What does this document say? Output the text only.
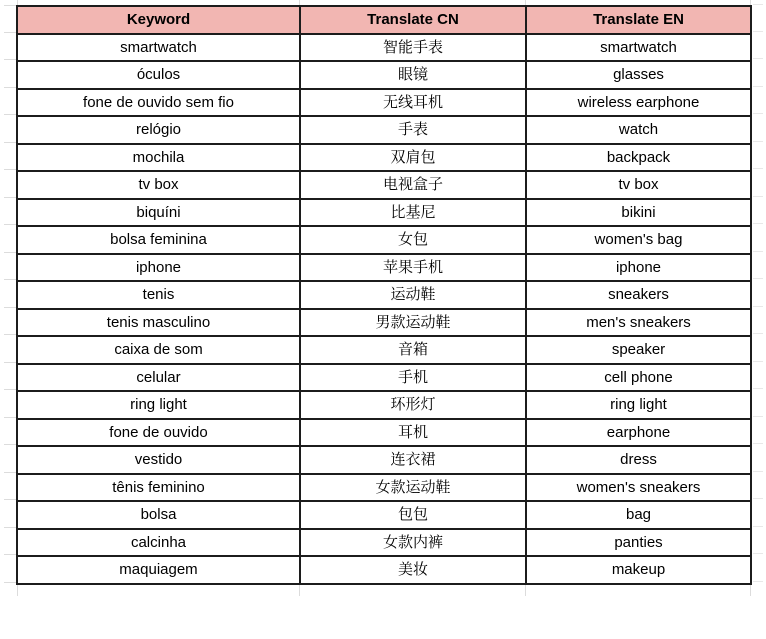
Keyword	Translate CN	Translate EN
smartwatch	智能手表	smartwatch
óculos	眼镜	glasses
fone de ouvido sem fio	无线耳机	wireless earphone
relógio	手表	watch
mochila	双肩包	backpack
tv box	电视盒子	tv box
biquíni	比基尼	bikini
bolsa feminina	女包	women's bag
iphone	苹果手机	iphone
tenis	运动鞋	sneakers
tenis masculino	男款运动鞋	men's sneakers
caixa de som	音箱	speaker
celular	手机	cell phone
ring light	环形灯	ring light
fone de ouvido	耳机	earphone
vestido	连衣裙	dress
tênis feminino	女款运动鞋	women's sneakers
bolsa	包包	bag
calcinha	女款内裤	panties
maquiagem	美妆	makeup
